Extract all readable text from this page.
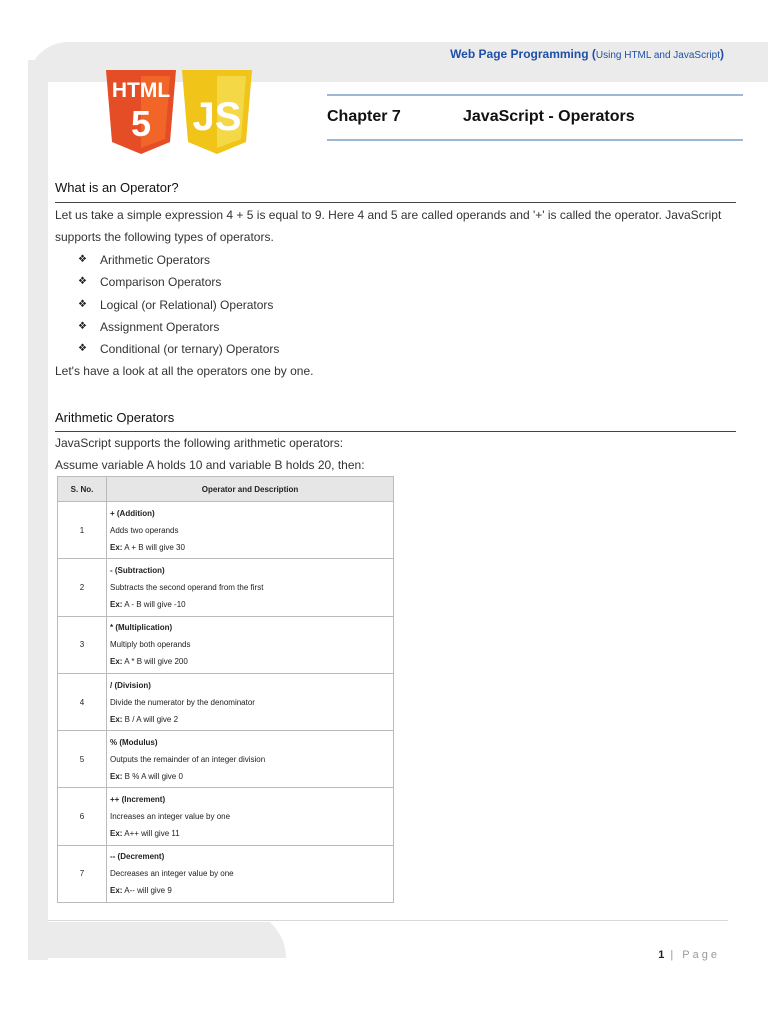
Web Page Programming (Using HTML and JavaScript)
HTML
5 JS	Chapter 7	JavaScript - Operators
What is an Operator?
Let us take a simple expression 4 + 5 is equal to 9. Here 4 and 5 are called operands and '+' is called the operator. JavaScript
supports the following types of operators.
❖	Arithmetic Operators
❖	Comparison Operators
❖	Logical (or Relational) Operators
❖	Assignment Operators
❖	Conditional (or ternary) Operators
Let's have a look at all the operators one by one.
Arithmetic Operators
JavaScript supports the following arithmetic operators:
Assume variable A holds 10 and variable B holds 20, then:
S. No.	Operator and Description
1	+ (Addition)
Adds two operands
Ex: A + B will give 30

2	- (Subtraction)
Subtracts the second operand from the first
Ex: A - B will give -10

3	* (Multiplication)
Multiply both operands
Ex: A * B will give 200

4	/ (Division)
Divide the numerator by the denominator
Ex: B / A will give 2

5	% (Modulus)
Outputs the remainder of an integer division
Ex: B % A will give 0

6	++ (Increment)
Increases an integer value by one
Ex: A++ will give 11

7	-- (Decrement)
Decreases an integer value by one
Ex: A-- will give 9
1 | Page
